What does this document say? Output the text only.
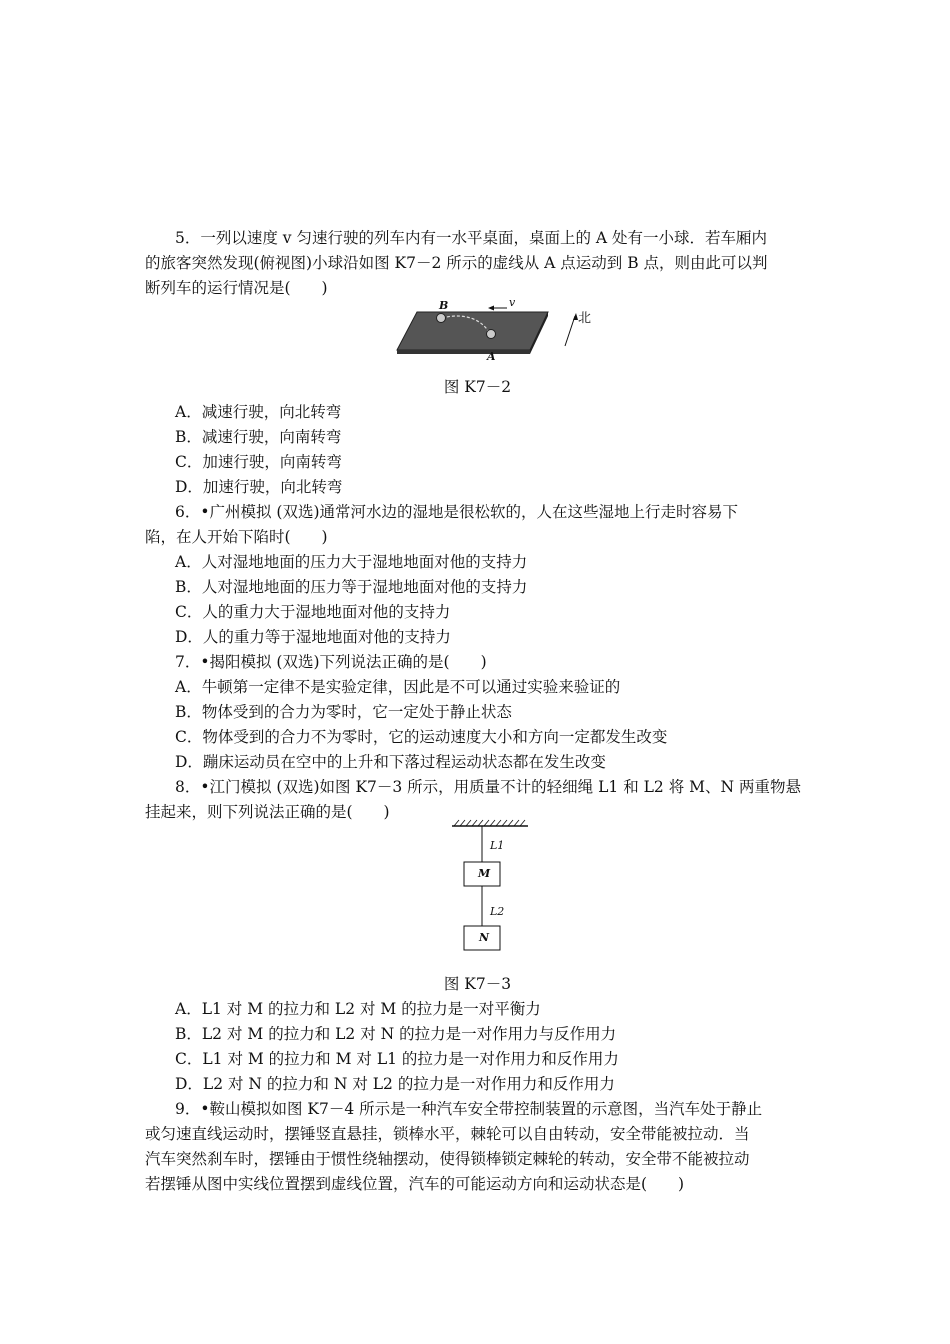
5．一列以速度 v 匀速行驶的列车内有一水平桌面，桌面上的 A 处有一小球．若车厢内
的旅客突然发现(俯视图)小球沿如图 K7－2 所示的虚线从 A 点运动到 B 点，则由此可以判
断列车的运行情况是(　　)
B	v
A
北
图 K7－2
A．减速行驶，向北转弯
B．减速行驶，向南转弯
C．加速行驶，向南转弯
D．加速行驶，向北转弯
6．•广州模拟 (双选)通常河水边的湿地是很松软的，人在这些湿地上行走时容易下
陷，在人开始下陷时(　　)
A．人对湿地地面的压力大于湿地地面对他的支持力
B．人对湿地地面的压力等于湿地地面对他的支持力
C．人的重力大于湿地地面对他的支持力
D．人的重力等于湿地地面对他的支持力
7．•揭阳模拟 (双选)下列说法正确的是(　　)
A．牛顿第一定律不是实验定律，因此是不可以通过实验来验证的
B．物体受到的合力为零时，它一定处于静止状态
C．物体受到的合力不为零时，它的运动速度大小和方向一定都发生改变
D．蹦床运动员在空中的上升和下落过程运动状态都在发生改变
8．•江门模拟 (双选)如图 K7－3 所示，用质量不计的轻细绳 L1 和 L2 将 M、N 两重物悬
挂起来，则下列说法正确的是(　　)
L1
M
L2
N
图 K7－3
A．L1 对 M 的拉力和 L2 对 M 的拉力是一对平衡力
B．L2 对 M 的拉力和 L2 对 N 的拉力是一对作用力与反作用力
C．L1 对 M 的拉力和 M 对 L1 的拉力是一对作用力和反作用力
D．L2 对 N 的拉力和 N 对 L2 的拉力是一对作用力和反作用力
9．•鞍山模拟如图 K7－4 所示是一种汽车安全带控制装置的示意图，当汽车处于静止
或匀速直线运动时，摆锤竖直悬挂，锁棒水平，棘轮可以自由转动，安全带能被拉动．当
汽车突然刹车时，摆锤由于惯性绕轴摆动，使得锁棒锁定棘轮的转动，安全带不能被拉动
若摆锤从图中实线位置摆到虚线位置，汽车的可能运动方向和运动状态是(　　)
